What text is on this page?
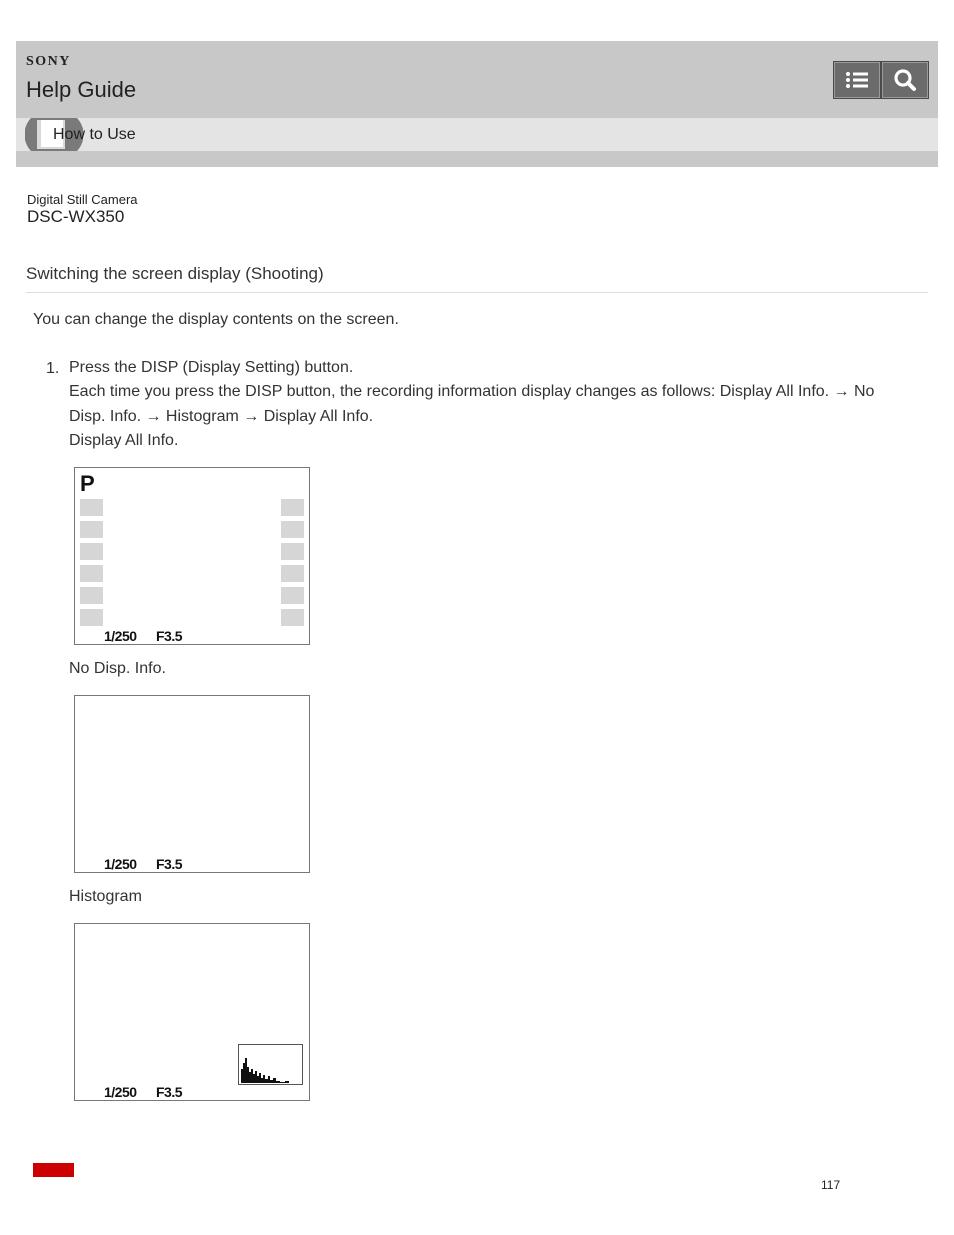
SONY
Help Guide
How to Use
Digital Still Camera
DSC-WX350
Switching the screen display (Shooting)
You can change the display contents on the screen.
1. Press the DISP (Display Setting) button.
Each time you press the DISP button, the recording information display changes as follows: Display All Info. → No
Disp. Info. → Histogram → Display All Info.
Display All Info.
P
1/250 F3.5
No Disp. Info.
1/250 F3.5
Histogram
1/250 F3.5
117
